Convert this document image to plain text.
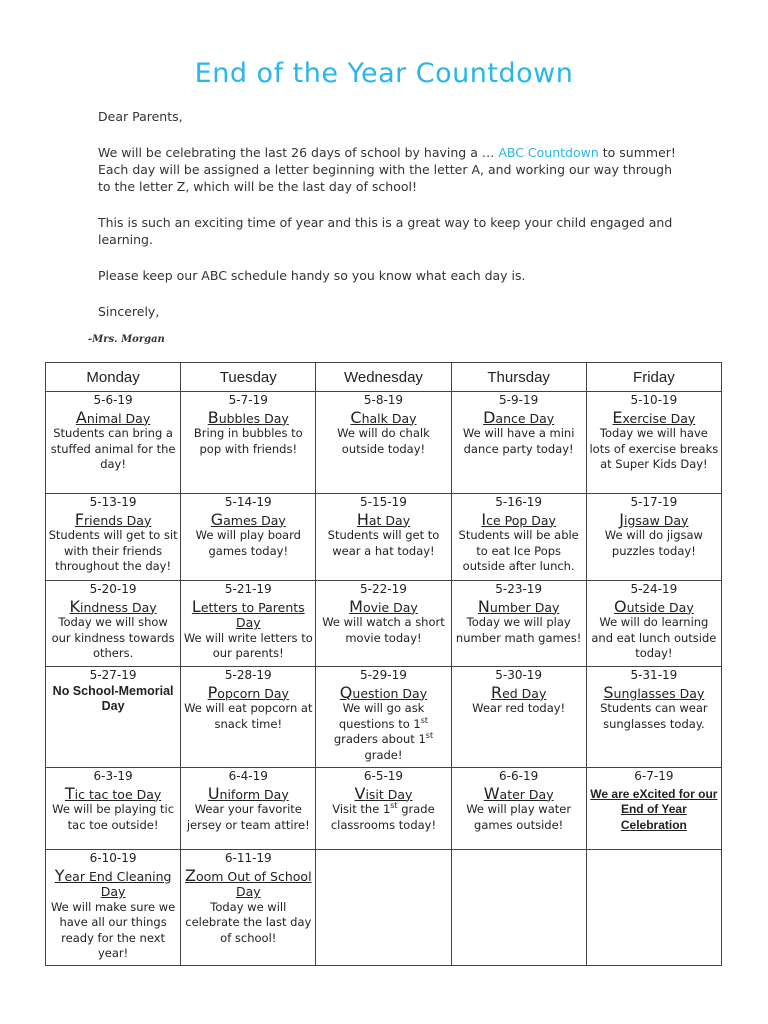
End of the Year Countdown

Dear Parents,

We will be celebrating the last 26 days of school by having a … ABC Countdown to summer! Each day will be assigned a letter beginning with the letter A, and working our way through to the letter Z, which will be the last day of school!

This is such an exciting time of year and this is a great way to keep your child engaged and learning.

Please keep our ABC schedule handy so you know what each day is.

Sincerely,

-Mrs. Morgan
Monday	Tuesday	Wednesday	Thursday	Friday

5-6-19
Animal Day
Students can bring a stuffed animal for the day!	5-7-19
Bubbles Day
Bring in bubbles to pop with friends!	5-8-19
Chalk Day
We will do chalk outside today!	5-9-19
Dance Day
We will have a mini dance party today!	5-10-19
Exercise Day
Today we will have lots of exercise breaks at Super Kids Day!

5-13-19
Friends Day
Students will get to sit with their friends throughout the day!	5-14-19
Games Day
We will play board games today!	5-15-19
Hat Day
Students will get to wear a hat today!	5-16-19
Ice Pop Day
Students will be able to eat Ice Pops outside after lunch.	5-17-19
Jigsaw Day
We will do jigsaw puzzles today!

5-20-19
Kindness Day
Today we will show our kindness towards others.	5-21-19
Letters to Parents Day
We will write letters to our parents!	5-22-19
Movie Day
We will watch a short movie today!	5-23-19
Number Day
Today we will play number math games!	5-24-19
Outside Day
We will do learning and eat lunch outside today!

5-27-19
No School-Memorial Day	5-28-19
Popcorn Day
We will eat popcorn at snack time!	5-29-19
Question Day
We will go ask questions to 1st graders about 1st grade!	5-30-19
Red Day
Wear red today!	5-31-19
Sunglasses Day
Students can wear sunglasses today.

6-3-19
Tic tac toe Day
We will be playing tic tac toe outside!	6-4-19
Uniform Day
Wear your favorite jersey or team attire!	6-5-19
Visit Day
Visit the 1st grade classrooms today!	6-6-19
Water Day
We will play water games outside!	6-7-19
We are eXcited for our End of Year Celebration

6-10-19
Year End Cleaning Day
We will make sure we have all our things ready for the next year!	6-11-19
Zoom Out of School Day
Today we will celebrate the last day of school!			
